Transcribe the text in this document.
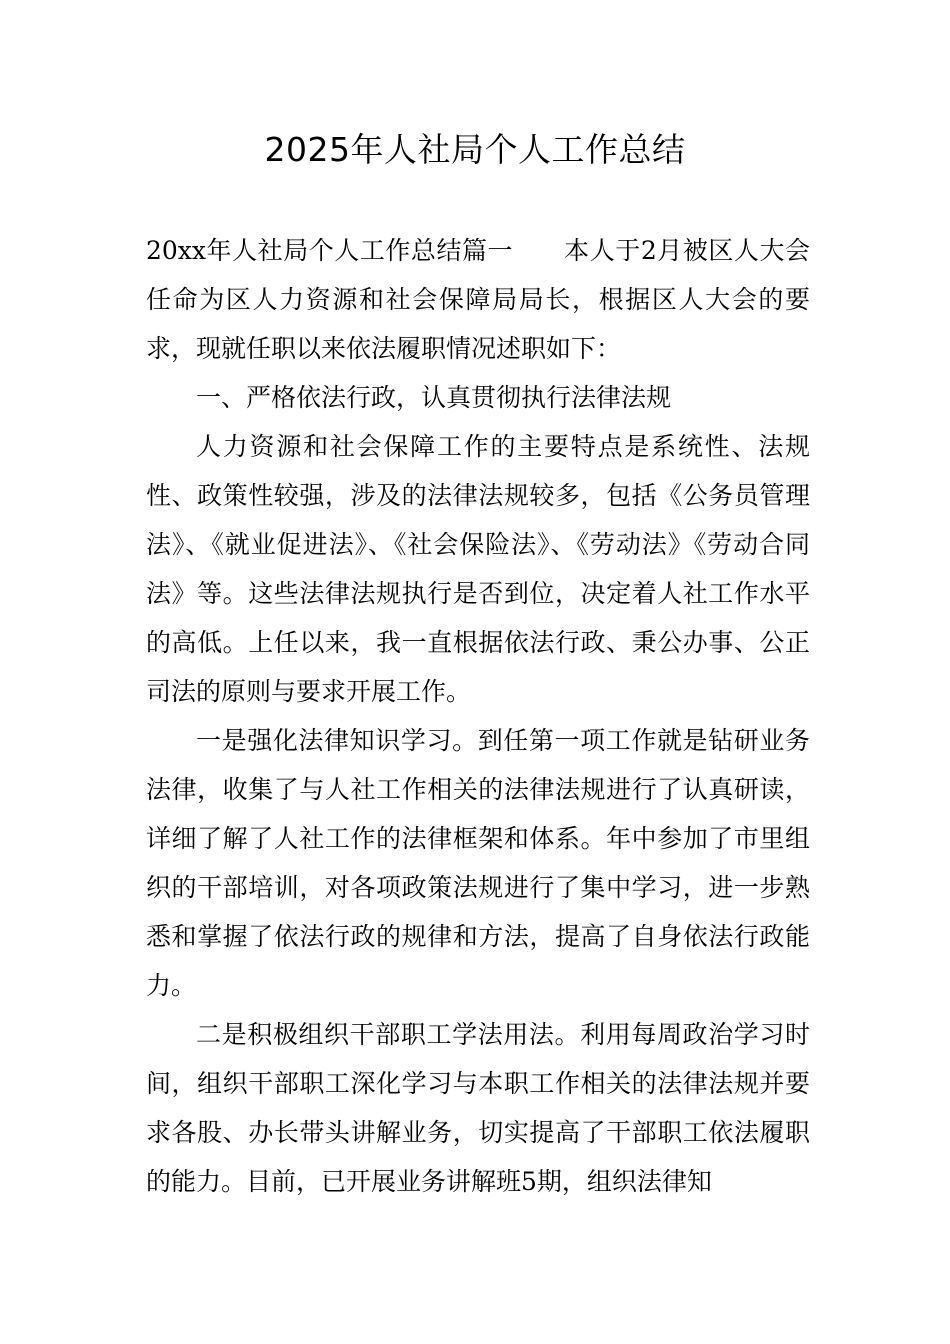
2025年人社局个人工作总结

20xx年人社局个人工作总结篇一　　本人于2月被区人大会任命为区人力资源和社会保障局局长，根据区人大会的要求，现就任职以来依法履职情况述职如下：

一、严格依法行政，认真贯彻执行法律法规

人力资源和社会保障工作的主要特点是系统性、法规性、政策性较强，涉及的法律法规较多，包括《公务员管理法》、《就业促进法》、《社会保险法》、《劳动法》《劳动合同法》等。这些法律法规执行是否到位，决定着人社工作水平的高低。上任以来，我一直根据依法行政、秉公办事、公正司法的原则与要求开展工作。

一是强化法律知识学习。到任第一项工作就是钻研业务法律，收集了与人社工作相关的法律法规进行了认真研读，详细了解了人社工作的法律框架和体系。年中参加了市里组织的干部培训，对各项政策法规进行了集中学习，进一步熟悉和掌握了依法行政的规律和方法，提高了自身依法行政能力。

二是积极组织干部职工学法用法。利用每周政治学习时间，组织干部职工深化学习与本职工作相关的法律法规并要求各股、办长带头讲解业务，切实提高了干部职工依法履职的能力。目前，已开展业务讲解班5期，组织法律知
